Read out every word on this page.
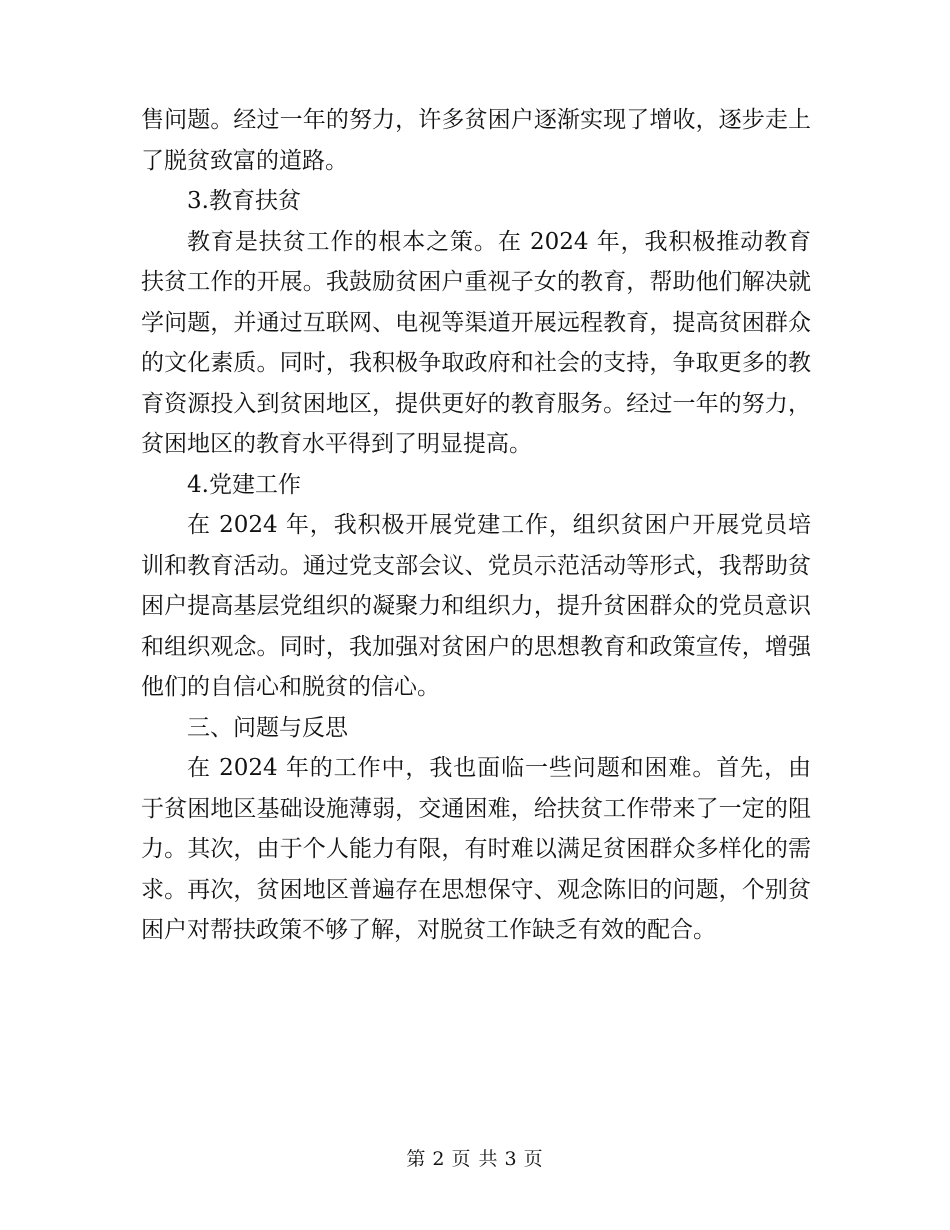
售问题。经过一年的努力，许多贫困户逐渐实现了增收，逐步走上了脱贫致富的道路。

3.教育扶贫

教育是扶贫工作的根本之策。在 2024 年，我积极推动教育扶贫工作的开展。我鼓励贫困户重视子女的教育，帮助他们解决就学问题，并通过互联网、电视等渠道开展远程教育，提高贫困群众的文化素质。同时，我积极争取政府和社会的支持，争取更多的教育资源投入到贫困地区，提供更好的教育服务。经过一年的努力，贫困地区的教育水平得到了明显提高。

4.党建工作

在 2024 年，我积极开展党建工作，组织贫困户开展党员培训和教育活动。通过党支部会议、党员示范活动等形式，我帮助贫困户提高基层党组织的凝聚力和组织力，提升贫困群众的党员意识和组织观念。同时，我加强对贫困户的思想教育和政策宣传，增强他们的自信心和脱贫的信心。

三、问题与反思

在 2024 年的工作中，我也面临一些问题和困难。首先，由于贫困地区基础设施薄弱，交通困难，给扶贫工作带来了一定的阻力。其次，由于个人能力有限，有时难以满足贫困群众多样化的需求。再次，贫困地区普遍存在思想保守、观念陈旧的问题，个别贫困户对帮扶政策不够了解，对脱贫工作缺乏有效的配合。

第 2 页 共 3 页
